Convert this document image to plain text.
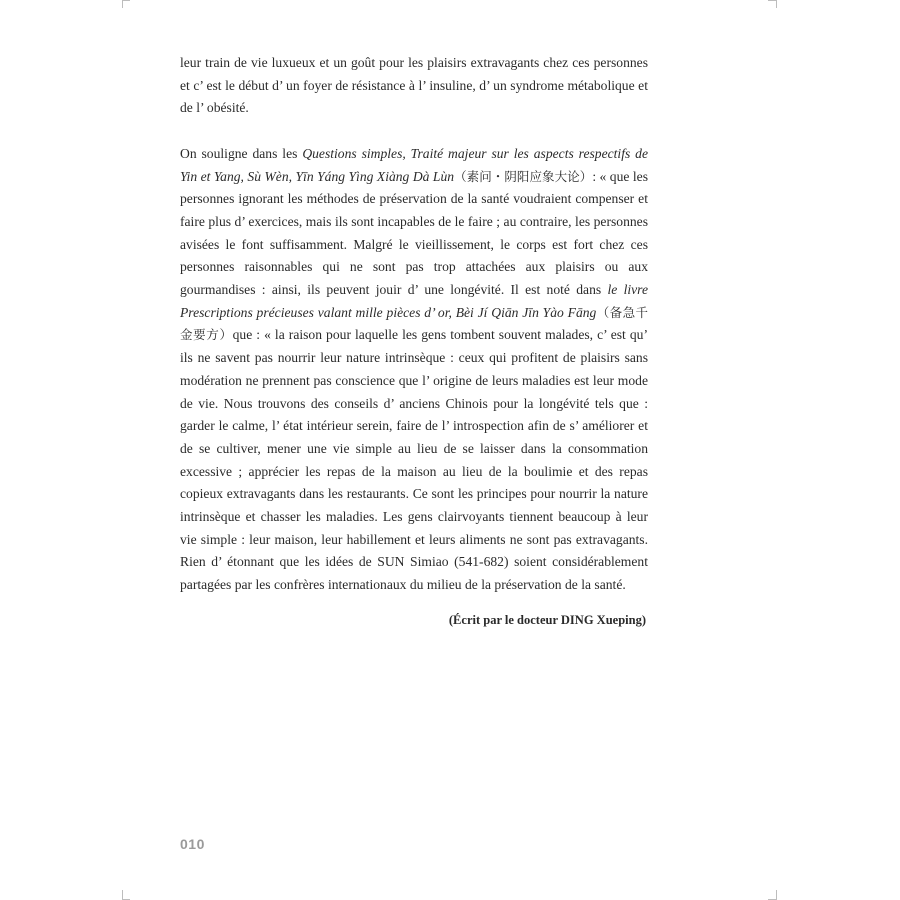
leur train de vie luxueux et un goût pour les plaisirs extravagants chez ces personnes et c’ est le début d’ un foyer de résistance à l’ insuline, d’ un syndrome métabolique et de l’ obésité.

On souligne dans les Questions simples, Traité majeur sur les aspects respectifs de Yin et Yang, Sù Wèn, Yīn Yáng Yìng Xiàng Dà Lùn（素问・阴阳应象大论）: « que les personnes ignorant les méthodes de préservation de la santé voudraient compenser et faire plus d’ exercices, mais ils sont incapables de le faire ; au contraire, les personnes avisées le font suffisamment. Malgré le vieillissement, le corps est fort chez ces personnes raisonnables qui ne sont pas trop attachées aux plaisirs ou aux gourmandises : ainsi, ils peuvent jouir d’ une longévité. Il est noté dans le livre Prescriptions précieuses valant mille pièces d’ or, Bèi Jí Qiān Jīn Yào Fāng（备急千金要方）que : « la raison pour laquelle les gens tombent souvent malades, c’ est qu’ ils ne savent pas nourrir leur nature intrinsèque : ceux qui profitent de plaisirs sans modération ne prennent pas conscience que l’ origine de leurs maladies est leur mode de vie. Nous trouvons des conseils d’ anciens Chinois pour la longévité tels que : garder le calme, l’ état intérieur serein, faire de l’ introspection afin de s’ améliorer et de se cultiver, mener une vie simple au lieu de se laisser dans la consommation excessive ; apprécier les repas de la maison au lieu de la boulimie et des repas copieux extravagants dans les restaurants. Ce sont les principes pour nourrir la nature intrinsèque et chasser les maladies. Les gens clairvoyants tiennent beaucoup à leur vie simple : leur maison, leur habillement et leurs aliments ne sont pas extravagants. Rien d’ étonnant que les idées de SUN Simiao (541-682) soient considérablement partagées par les confrères internationaux du milieu de la préservation de la santé.

(Écrit par le docteur DING Xueping)

010
